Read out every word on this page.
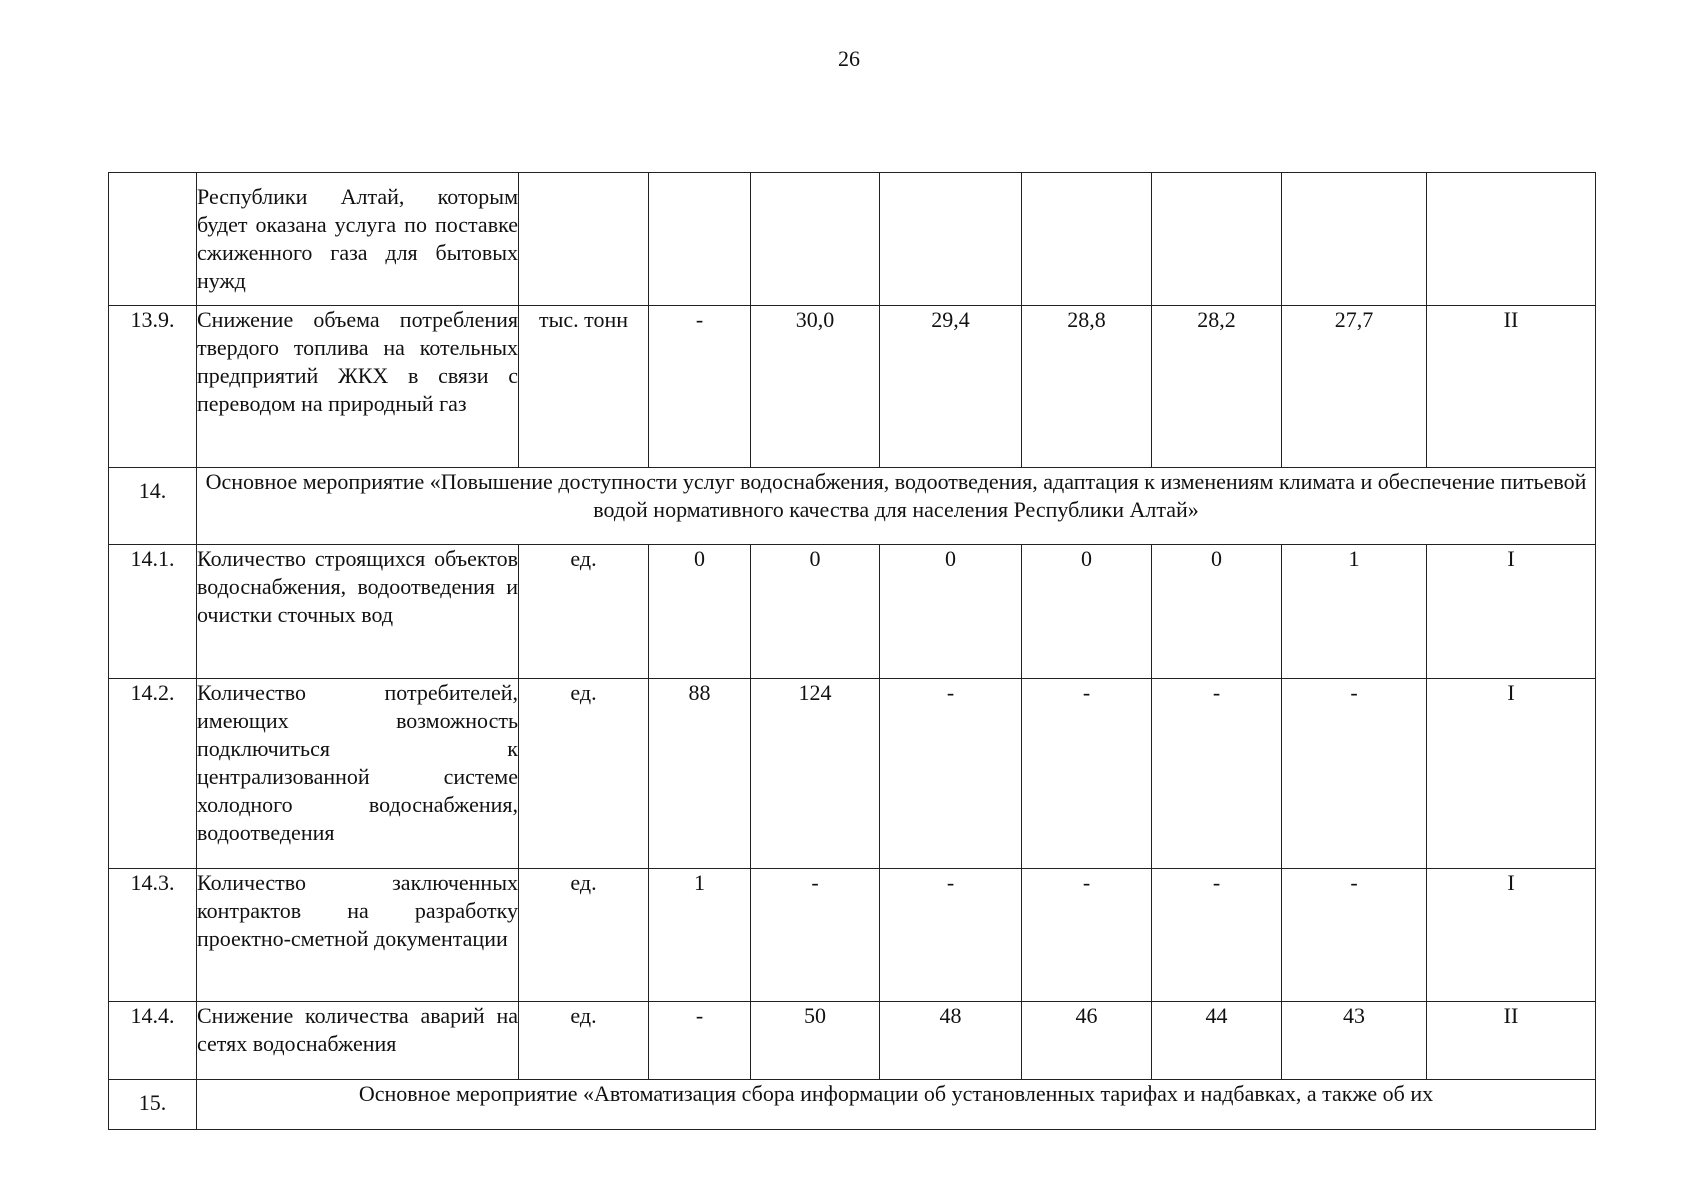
26
	Республики Алтай, которым будет оказана услуга по поставке сжиженного газа для бытовых нужд								
13.9.	Снижение объема потребления твердого топлива на котельных предприятий ЖКХ в связи с переводом на природный газ	тыс. тонн	-	30,0	29,4	28,8	28,2	27,7	II
14.	Основное мероприятие «Повышение доступности услуг водоснабжения, водоотведения, адаптация к изменениям климата и обеспечение питьевой водой нормативного качества для населения Республики Алтай»								
14.1.	Количество строящихся объектов водоснабжения, водоотведения и очистки сточных вод	ед.	0	0	0	0	0	1	I
14.2.	Количество потребителей, имеющих возможность подключиться к централизованной системе холодного водоснабжения, водоотведения	ед.	88	124	-	-	-	-	I
14.3.	Количество заключенных контрактов на разработку проектно-сметной документации	ед.	1	-	-	-	-	-	I
14.4.	Снижение количества аварий на сетях водоснабжения	ед.	-	50	48	46	44	43	II
15.	Основное мероприятие «Автоматизация сбора информации об установленных тарифах и надбавках, а также об их								
